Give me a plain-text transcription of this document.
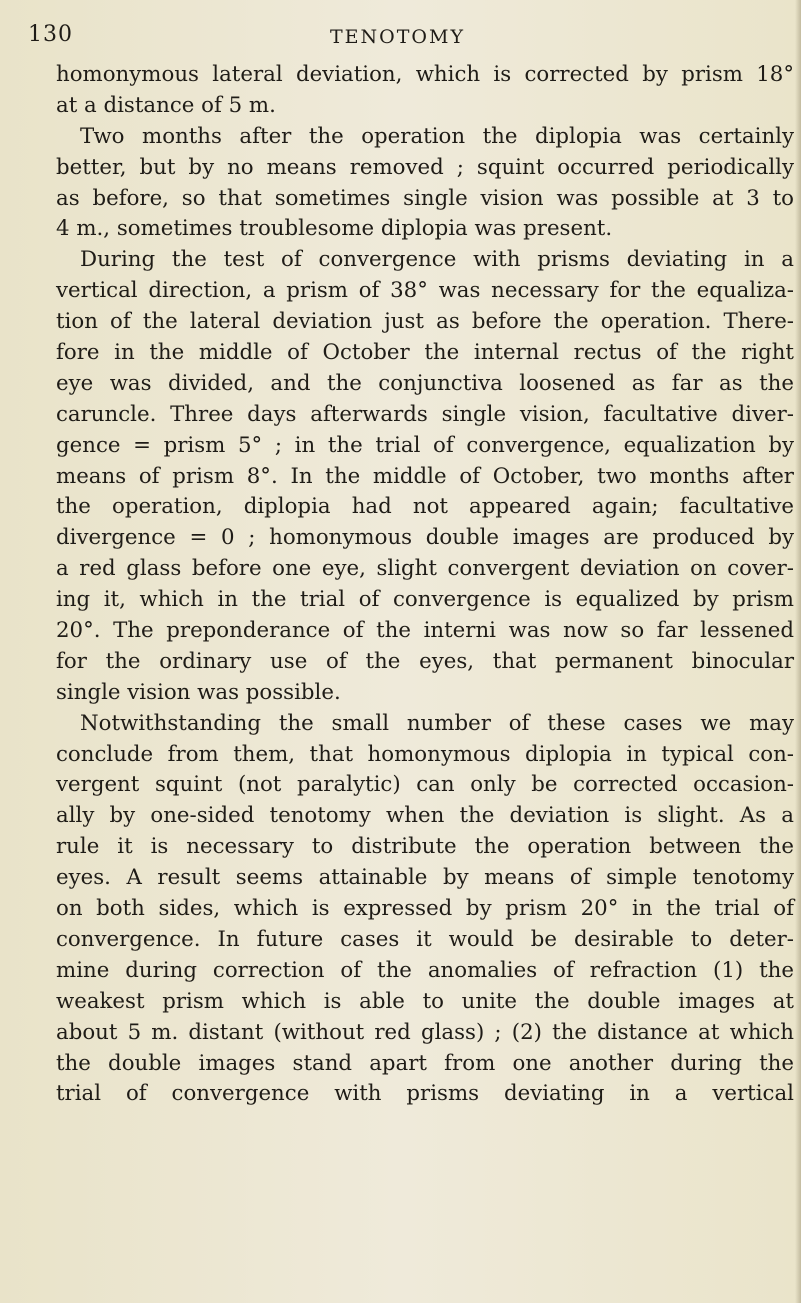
130	TENOTOMY
homonymous lateral deviation, which is corrected by prism 18°
at a distance of 5 m.
Two months after the operation the diplopia was certainly
better, but by no means removed ; squint occurred periodically
as before, so that sometimes single vision was possible at 3 to
4 m., sometimes troublesome diplopia was present.
During the test of convergence with prisms deviating in a
vertical direction, a prism of 38° was necessary for the equaliza-
tion of the lateral deviation just as before the operation. There-
fore in the middle of October the internal rectus of the right
eye was divided, and the conjunctiva loosened as far as the
caruncle. Three days afterwards single vision, facultative diver-
gence = prism 5° ; in the trial of convergence, equalization by
means of prism 8°. In the middle of October, two months after
the operation, diplopia had not appeared again; facultative
divergence = 0 ; homonymous double images are produced by
a red glass before one eye, slight convergent deviation on cover-
ing it, which in the trial of convergence is equalized by prism
20°. The preponderance of the interni was now so far lessened
for the ordinary use of the eyes, that permanent binocular
single vision was possible.
Notwithstanding the small number of these cases we may
conclude from them, that homonymous diplopia in typical con-
vergent squint (not paralytic) can only be corrected occasion-
ally by one-sided tenotomy when the deviation is slight. As a
rule it is necessary to distribute the operation between the
eyes. A result seems attainable by means of simple tenotomy
on both sides, which is expressed by prism 20° in the trial of
convergence. In future cases it would be desirable to deter-
mine during correction of the anomalies of refraction (1) the
weakest prism which is able to unite the double images at
about 5 m. distant (without red glass) ; (2) the distance at which
the double images stand apart from one another during the
trial of convergence with prisms deviating in a vertical
